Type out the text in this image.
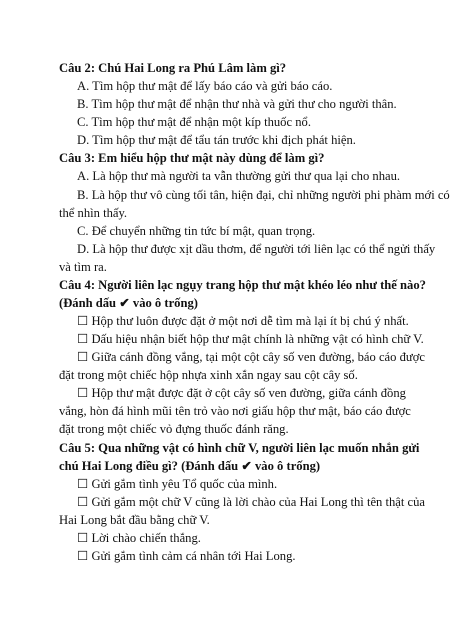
Câu 2: Chú Hai Long ra Phú Lâm làm gì?
A. Tìm hộp thư mật để lấy báo cáo và gửi báo cáo.
B. Tìm hộp thư mật để nhận thư nhà và gửi thư cho người thân.
C. Tìm hộp thư mật để nhận một kíp thuốc nổ.
D. Tìm hộp thư mật để tẩu tán trước khi địch phát hiện.
Câu 3: Em hiểu hộp thư mật này dùng để làm gì?
A. Là hộp thư mà người ta vẫn thường gửi thư qua lại cho nhau.
B. Là hộp thư vô cùng tối tân, hiện đại, chỉ những người phi phàm mới có
thể nhìn thấy.
C. Để chuyển những tin tức bí mật, quan trọng.
D. Là hộp thư được xịt dầu thơm, để người tới liên lạc có thể ngửi thấy
và tìm ra.
Câu 4: Người liên lạc ngụy trang hộp thư mật khéo léo như thế nào?
(Đánh dấu ✔ vào ô trống)
☐ Hộp thư luôn được đặt ở một nơi dễ tìm mà lại ít bị chú ý nhất.
☐ Dấu hiệu nhận biết hộp thư mật chính là những vật có hình chữ V.
☐ Giữa cánh đồng vắng, tại một cột cây số ven đường, báo cáo được
đặt trong một chiếc hộp nhựa xinh xắn ngay sau cột cây số.
☐ Hộp thư mật được đặt ở cột cây số ven đường, giữa cánh đồng
vắng, hòn đá hình mũi tên trỏ vào nơi giấu hộp thư mật, báo cáo được
đặt trong một chiếc vỏ đựng thuốc đánh răng.
Câu 5: Qua những vật có hình chữ V, người liên lạc muốn nhắn gửi
chú Hai Long điều gì? (Đánh dấu ✔ vào ô trống)
☐ Gửi gắm tình yêu Tổ quốc của mình.
☐ Gửi gắm một chữ V cũng là lời chào của Hai Long thì tên thật của
Hai Long bắt đầu bằng chữ V.
☐ Lời chào chiến thắng.
☐ Gửi gắm tình cảm cá nhân tới Hai Long.
